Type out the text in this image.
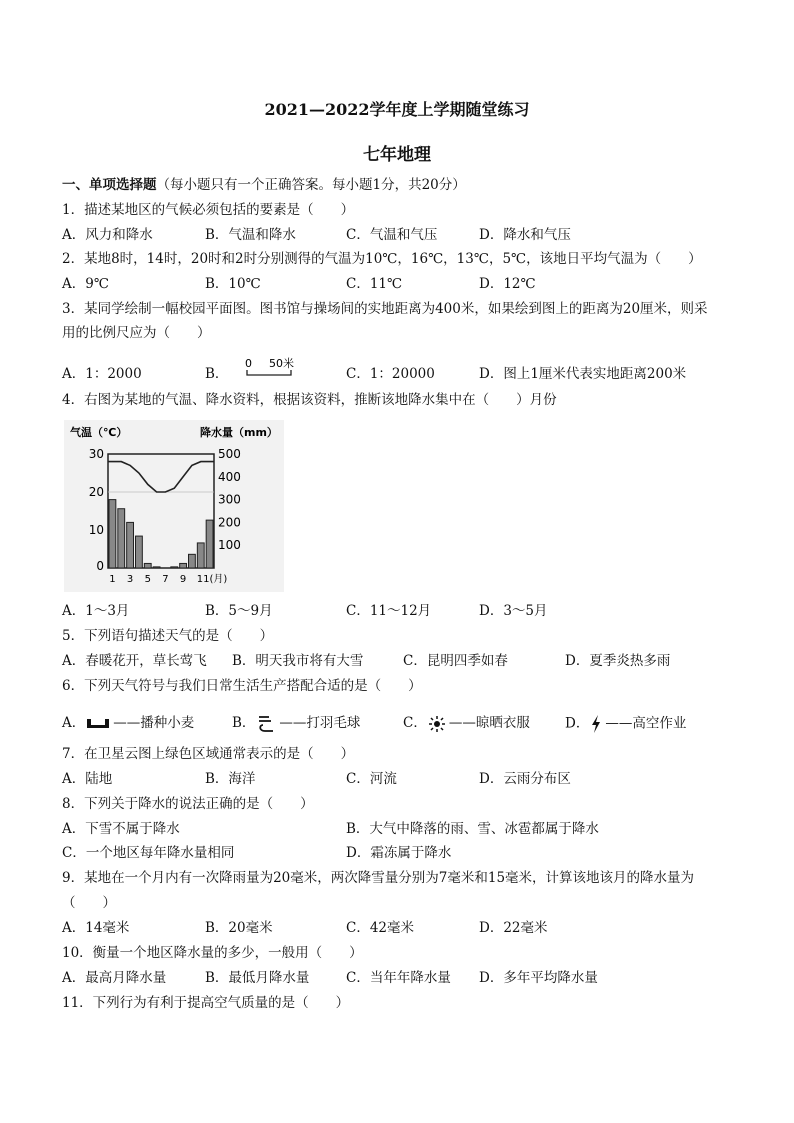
2021—2022学年度上学期随堂练习
七年地理
一、单项选择题（每小题只有一个正确答案。每小题1分，共20分）
1．描述某地区的气候必须包括的要素是（　　）
A．风力和降水	B．气温和降水	C．气温和气压	D．降水和气压
2．某地8时，14时，20时和2时分别测得的气温为10℃，16℃，13℃，5℃，该地日平均气温为（　　）
A．9℃	B．10℃	C．11℃	D．12℃
3．某同学绘制一幅校园平面图。图书馆与操场间的实地距离为400米，如果绘到图上的距离为20厘米，则采
用的比例尺应为（　　）
A．1：2000	B．
0 50米
C．1：20000	D．图上1厘米代表实地距离200米
4．右图为某地的气温、降水资料，根据该资料，推断该地降水集中在（　　）月份
气温（℃）	降水量（mm）
30
20
10
0
500
400
300
200
100
1 3 5 7 9 11(月)
A．1～3月	B．5～9月	C．11～12月	D．3～5月
5．下列语句描述天气的是（　　）
A．春暖花开，草长莺飞 B．明天我市将有大雪	C．昆明四季如春	D．夏季炎热多雨
6．下列天气符号与我们日常生活生产搭配合适的是（　　）
A． ——播种小麦	B． ——打羽毛球	C． ——晾晒衣服	D． ——高空作业
7．在卫星云图上绿色区域通常表示的是（　　）
A．陆地	B．海洋	C．河流	D．云雨分布区
8．下列关于降水的说法正确的是（　　）
A．下雪不属于降水	B．大气中降落的雨、雪、冰雹都属于降水
C．一个地区每年降水量相同	D．霜冻属于降水
9．某地在一个月内有一次降雨量为20毫米，两次降雪量分别为7毫米和15毫米，计算该地该月的降水量为
（　　）
A．14毫米	B．20毫米	C．42毫米	D．22毫米
10．衡量一个地区降水量的多少，一般用（　　）
A．最高月降水量	B．最低月降水量	C．当年年降水量 D．多年平均降水量
11．下列行为有利于提高空气质量的是（　　）
